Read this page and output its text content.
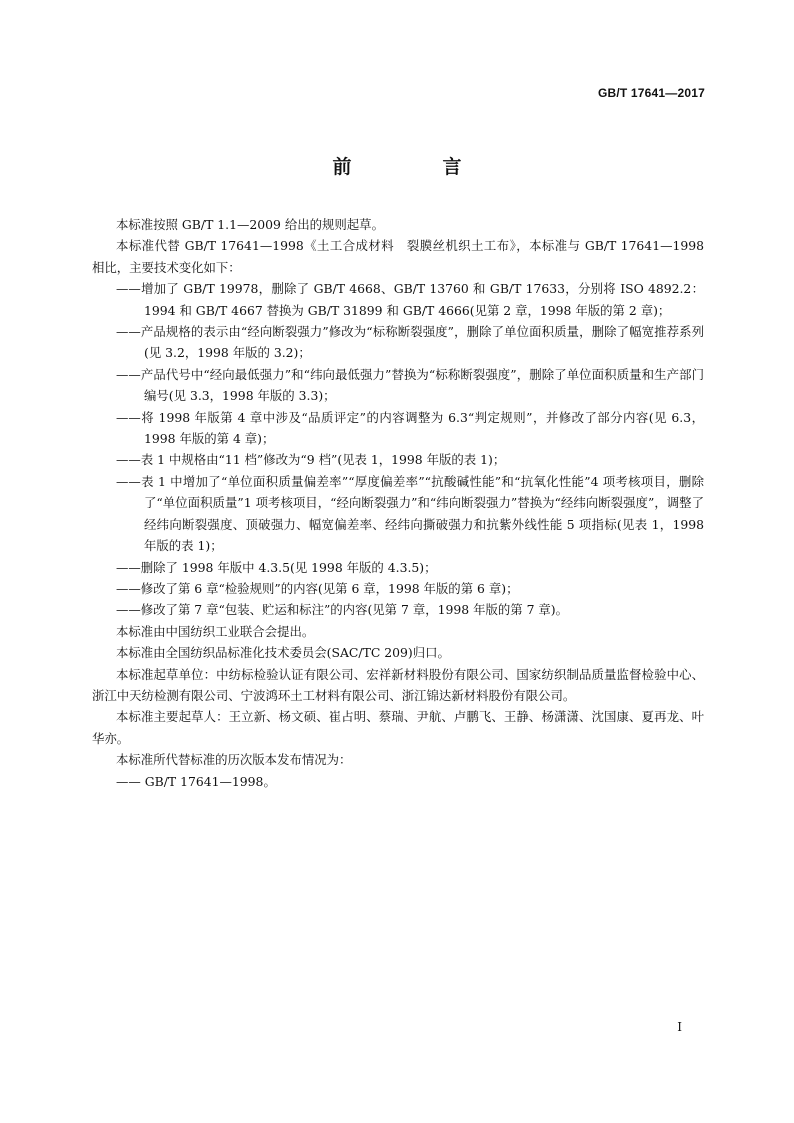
GB/T 17641—2017
前　言

本标准按照 GB/T 1.1—2009 给出的规则起草。

本标准代替 GB/T 17641—1998《土工合成材料　裂膜丝机织土工布》，本标准与 GB/T 17641—1998 相比，主要技术变化如下：

——增加了 GB/T 19978，删除了 GB/T 4668、GB/T 13760 和 GB/T 17633，分别将 ISO 4892.2：1994 和 GB/T 4667 替换为 GB/T 31899 和 GB/T 4666(见第 2 章，1998 年版的第 2 章)；

——产品规格的表示由“经向断裂强力”修改为“标称断裂强度”，删除了单位面积质量，删除了幅宽推荐系列(见 3.2，1998 年版的 3.2)；

——产品代号中“经向最低强力”和“纬向最低强力”替换为“标称断裂强度”，删除了单位面积质量和生产部门编号(见 3.3，1998 年版的 3.3)；

——将 1998 年版第 4 章中涉及“品质评定”的内容调整为 6.3“判定规则”，并修改了部分内容(见 6.3，1998 年版的第 4 章)；

——表 1 中规格由“11 档”修改为“9 档”(见表 1，1998 年版的表 1)；

——表 1 中增加了“单位面积质量偏差率”“厚度偏差率”“抗酸碱性能”和“抗氧化性能”4 项考核项目，删除了“单位面积质量”1 项考核项目，“经向断裂强力”和“纬向断裂强力”替换为“经纬向断裂强度”，调整了经纬向断裂强度、顶破强力、幅宽偏差率、经纬向撕破强力和抗紫外线性能 5 项指标(见表 1，1998 年版的表 1)；

——删除了 1998 年版中 4.3.5(见 1998 年版的 4.3.5)；

——修改了第 6 章“检验规则”的内容(见第 6 章，1998 年版的第 6 章)；

——修改了第 7 章“包装、贮运和标注”的内容(见第 7 章，1998 年版的第 7 章)。

本标准由中国纺织工业联合会提出。

本标准由全国纺织品标准化技术委员会(SAC/TC 209)归口。

本标准起草单位：中纺标检验认证有限公司、宏祥新材料股份有限公司、国家纺织制品质量监督检验中心、浙江中天纺检测有限公司、宁波鸿环土工材料有限公司、浙江锦达新材料股份有限公司。

本标准主要起草人：王立新、杨文硕、崔占明、蔡瑞、尹航、卢鹏飞、王静、杨潇潇、沈国康、夏再龙、叶华亦。

本标准所代替标准的历次版本发布情况为：

—— GB/T 17641—1998。

I
